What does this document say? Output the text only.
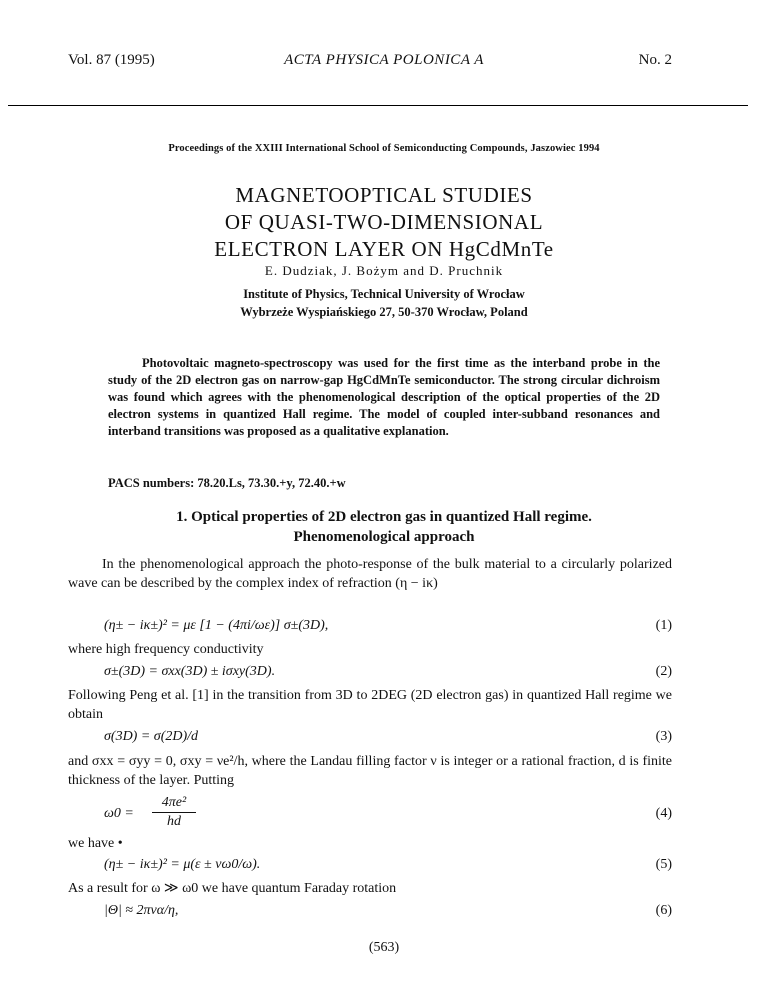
Vol. 87 (1995)	ACTA PHYSICA POLONICA A	No. 2
Proceedings of the XXIII International School of Semiconducting Compounds, Jaszowiec 1994
MAGNETOOPTICAL STUDIES
OF QUASI-TWO-DIMENSIONAL
ELECTRON LAYER ON HgCdMnTe
E. Dudziak, J. Bożym and D. Pruchnik
Institute of Physics, Technical University of Wrocław
Wybrzeże Wyspiańskiego 27, 50-370 Wrocław, Poland

Photovoltaic magneto-spectroscopy was used for the first time as the interband probe in the study of the 2D electron gas on narrow-gap HgCdMnTe semiconductor. The strong circular dichroism was found which agrees with the phenomenological description of the optical properties of the 2D electron systems in quantized Hall regime. The model of coupled inter-subband resonances and interband transitions was proposed as a qualitative explanation.

PACS numbers: 78.20.Ls, 73.30.+y, 72.40.+w
1. Optical properties of 2D electron gas in quantized Hall regime.
Phenomenological approach
In the phenomenological approach the photo-response of the bulk material to a circularly polarized wave can be described by the complex index of refraction (η − iκ)
(η± − iκ±)² = με [1 − (4πi/ωε)] σ±(3D),	(1)
where high frequency conductivity
σ±(3D) = σxx(3D) ± iσxy(3D).	(2)
Following Peng et al. [1] in the transition from 3D to 2DEG (2D electron gas) in quantized Hall regime we obtain
σ(3D) = σ(2D)/d	(3)
and σxx = σyy = 0, σxy = νe²/h, where the Landau filling factor ν is integer or a rational fraction, d is finite thickness of the layer. Putting
$\omega 0 = \frac{\text{4πe²}}{hd}$	(4)
we have •
(η± − iκ±)² = μ(ε ± νω0/ω).	(5)
As a result for ω ≫ ω0 we have quantum Faraday rotation
|Θ| ≈ 2πνα/η,	(6)
(563)
